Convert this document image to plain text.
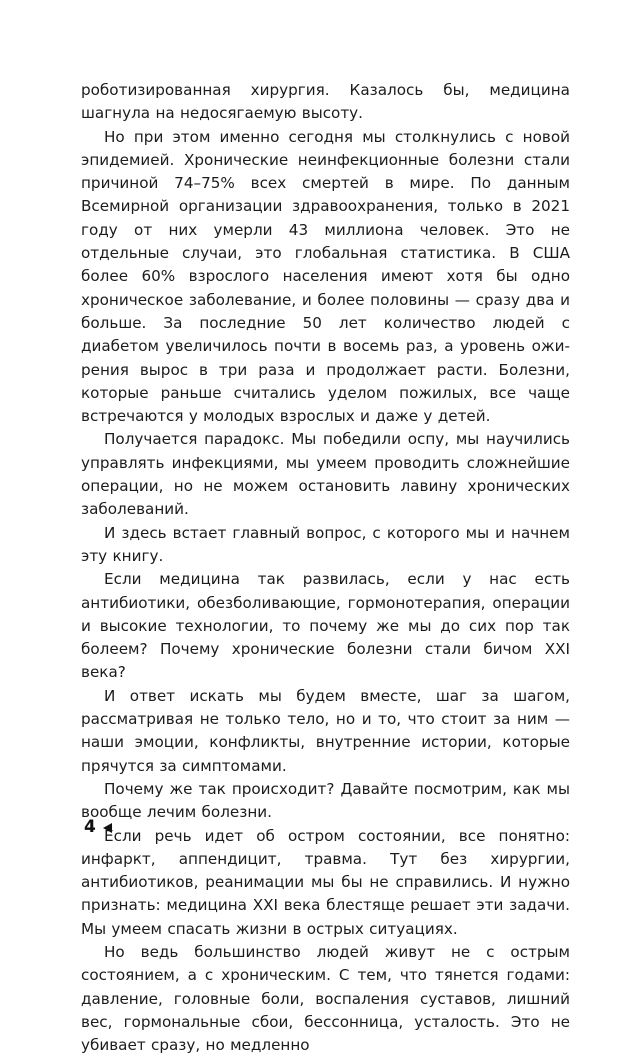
роботизированная хирургия. Казалось бы, медицина шагнула на недосягаемую высоту.

Но при этом именно сегодня мы столкнулись с новой эпидемией. Хронические неинфекционные болезни стали причиной 74–75% всех смертей в мире. По данным Всемирной организации здравоохранения, только в 2021 году от них умерли 43 миллиона человек. Это не отдельные случаи, это глобальная статистика. В США более 60% взрослого населения имеют хотя бы одно хроническое заболевание, и более половины — сразу два и больше. За последние 50 лет количество людей с диабетом увеличилось почти в восемь раз, а уровень ожирения вырос в три раза и продолжает расти. Болезни, которые раньше считались уделом пожилых, все чаще встречаются у молодых взрослых и даже у детей.

Получается парадокс. Мы победили оспу, мы научились управлять инфекциями, мы умеем проводить сложнейшие операции, но не можем остановить лавину хронических заболеваний.

И здесь встает главный вопрос, с которого мы и начнем эту книгу.

Если медицина так развилась, если у нас есть антибиотики, обезболивающие, гормонотерапия, операции и высокие технологии, то почему же мы до сих пор так болеем? Почему хронические болезни стали бичом XXI века?

И ответ искать мы будем вместе, шаг за шагом, рассматривая не только тело, но и то, что стоит за ним — наши эмоции, конфликты, внутренние истории, которые прячутся за симптомами.

Почему же так происходит? Давайте посмотрим, как мы вообще лечим болезни.

Если речь идет об остром состоянии, все понятно: инфаркт, аппендицит, травма. Тут без хирургии, антибиотиков, реанимации мы бы не справились. И нужно признать: медицина XXI века блестяще решает эти задачи. Мы умеем спасать жизни в острых ситуациях.

Но ведь большинство людей живут не с острым состоянием, а с хроническим. С тем, что тянется годами: давление, головные боли, воспаления суставов, лишний вес, гормональные сбои, бессонница, усталость. Это не убивает сразу, но медленно

4
